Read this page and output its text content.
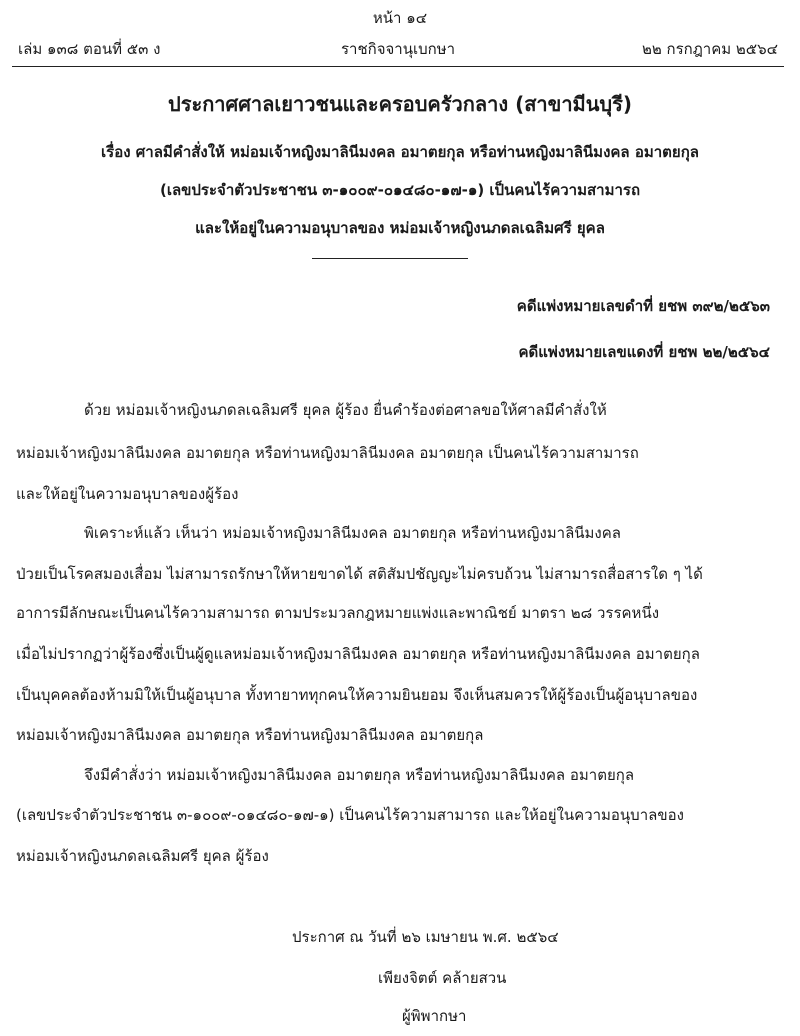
หน้า ๑๔
เล่ม ๑๓๘ ตอนที่ ๕๓ ง	ราชกิจจานุเบกษา	๒๒ กรกฎาคม ๒๕๖๔
ประกาศศาลเยาวชนและครอบครัวกลาง (สาขามีนบุรี)
เรื่อง ศาลมีคำสั่งให้ หม่อมเจ้าหญิงมาลินีมงคล อมาตยกุล หรือท่านหญิงมาลินีมงคล อมาตยกุล
(เลขประจำตัวประชาชน ๓-๑๐๐๙-๐๑๔๘๐-๑๗-๑) เป็นคนไร้ความสามารถ
และให้อยู่ในความอนุบาลของ หม่อมเจ้าหญิงนภดลเฉลิมศรี ยุคล
คดีแพ่งหมายเลขดำที่ ยชพ ๓๙๒/๒๕๖๓
คดีแพ่งหมายเลขแดงที่ ยชพ ๒๒/๒๕๖๔
ด้วย หม่อมเจ้าหญิงนภดลเฉลิมศรี ยุคล ผู้ร้อง ยื่นคำร้องต่อศาลขอให้ศาลมีคำสั่งให้
หม่อมเจ้าหญิงมาลินีมงคล อมาตยกุล หรือท่านหญิงมาลินีมงคล อมาตยกุล เป็นคนไร้ความสามารถ
และให้อยู่ในความอนุบาลของผู้ร้อง
พิเคราะห์แล้ว เห็นว่า หม่อมเจ้าหญิงมาลินีมงคล อมาตยกุล หรือท่านหญิงมาลินีมงคล
ป่วยเป็นโรคสมองเสื่อม ไม่สามารถรักษาให้หายขาดได้ สติสัมปชัญญะไม่ครบถ้วน ไม่สามารถสื่อสารใด ๆ ได้
อาการมีลักษณะเป็นคนไร้ความสามารถ ตามประมวลกฎหมายแพ่งและพาณิชย์ มาตรา ๒๘ วรรคหนึ่ง
เมื่อไม่ปรากฏว่าผู้ร้องซึ่งเป็นผู้ดูแลหม่อมเจ้าหญิงมาลินีมงคล อมาตยกุล หรือท่านหญิงมาลินีมงคล อมาตยกุล
เป็นบุคคลต้องห้ามมิให้เป็นผู้อนุบาล ทั้งทายาททุกคนให้ความยินยอม จึงเห็นสมควรให้ผู้ร้องเป็นผู้อนุบาลของ
หม่อมเจ้าหญิงมาลินีมงคล อมาตยกุล หรือท่านหญิงมาลินีมงคล อมาตยกุล
จึงมีคำสั่งว่า หม่อมเจ้าหญิงมาลินีมงคล อมาตยกุล หรือท่านหญิงมาลินีมงคล อมาตยกุล
(เลขประจำตัวประชาชน ๓-๑๐๐๙-๐๑๔๘๐-๑๗-๑) เป็นคนไร้ความสามารถ และให้อยู่ในความอนุบาลของ
หม่อมเจ้าหญิงนภดลเฉลิมศรี ยุคล ผู้ร้อง
ประกาศ ณ วันที่ ๒๖ เมษายน พ.ศ. ๒๕๖๔
เพียงจิตต์ คล้ายสวน
ผู้พิพากษา
